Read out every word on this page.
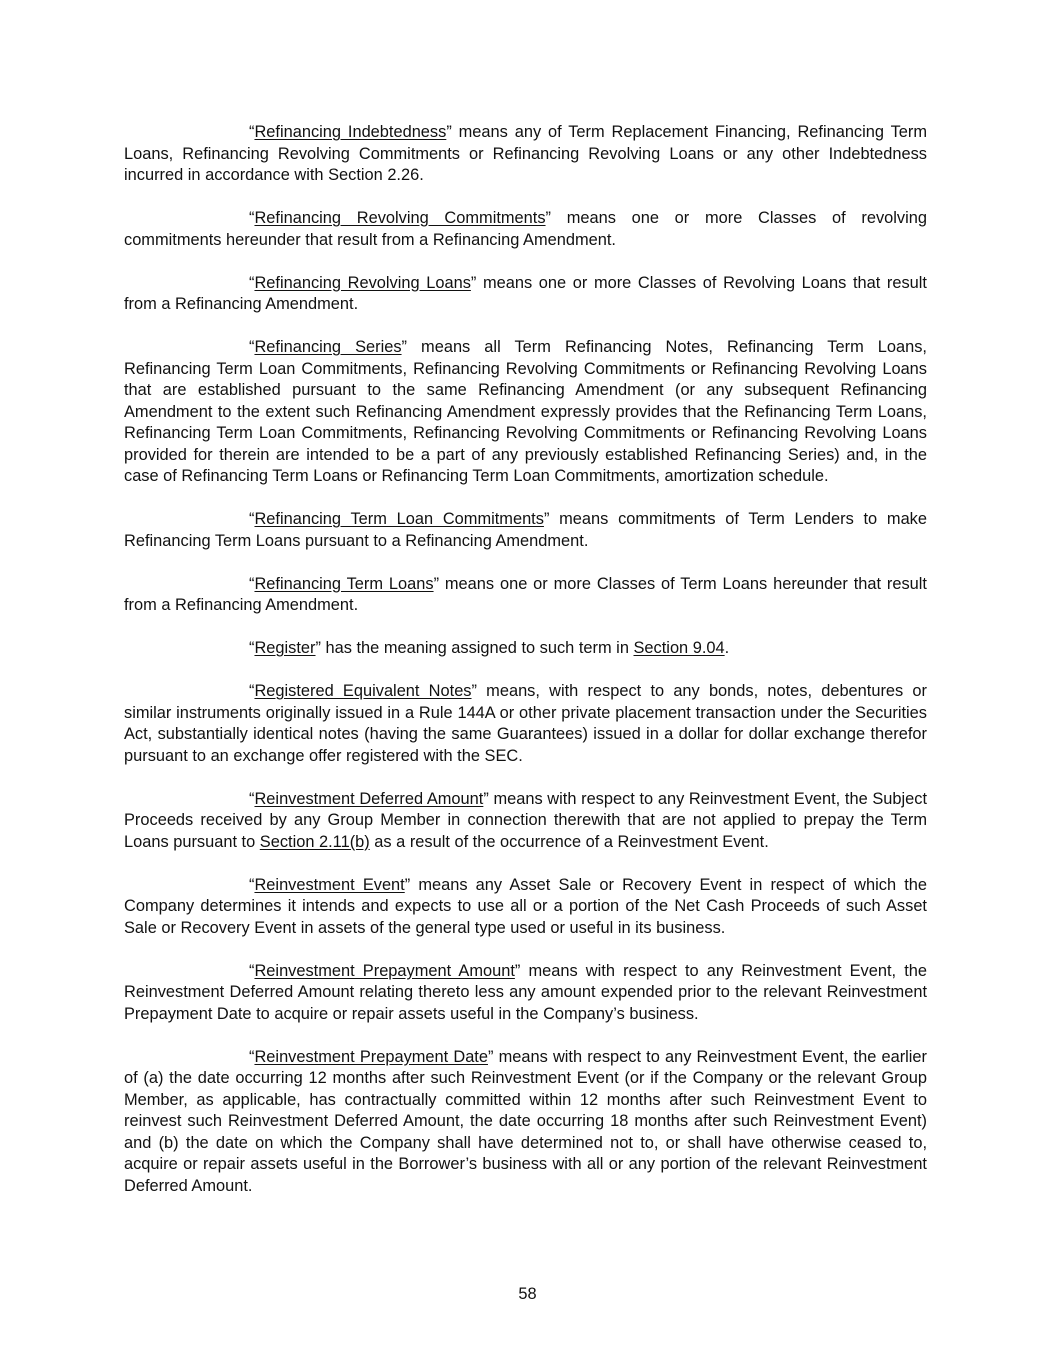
“Refinancing Indebtedness” means any of Term Replacement Financing, Refinancing Term Loans, Refinancing Revolving Commitments or Refinancing Revolving Loans or any other Indebtedness incurred in accordance with Section 2.26.

“Refinancing Revolving Commitments” means one or more Classes of revolving commitments hereunder that result from a Refinancing Amendment.

“Refinancing Revolving Loans” means one or more Classes of Revolving Loans that result from a Refinancing Amendment.

“Refinancing Series” means all Term Refinancing Notes, Refinancing Term Loans, Refinancing Term Loan Commitments, Refinancing Revolving Commitments or Refinancing Revolving Loans that are established pursuant to the same Refinancing Amendment (or any subsequent Refinancing Amendment to the extent such Refinancing Amendment expressly provides that the Refinancing Term Loans, Refinancing Term Loan Commitments, Refinancing Revolving Commitments or Refinancing Revolving Loans provided for therein are intended to be a part of any previously established Refinancing Series) and, in the case of Refinancing Term Loans or Refinancing Term Loan Commitments, amortization schedule.

“Refinancing Term Loan Commitments” means commitments of Term Lenders to make Refinancing Term Loans pursuant to a Refinancing Amendment.

“Refinancing Term Loans” means one or more Classes of Term Loans hereunder that result from a Refinancing Amendment.

“Register” has the meaning assigned to such term in Section 9.04.

“Registered Equivalent Notes” means, with respect to any bonds, notes, debentures or similar instruments originally issued in a Rule 144A or other private placement transaction under the Securities Act, substantially identical notes (having the same Guarantees) issued in a dollar for dollar exchange therefor pursuant to an exchange offer registered with the SEC.

“Reinvestment Deferred Amount” means with respect to any Reinvestment Event, the Subject Proceeds received by any Group Member in connection therewith that are not applied to prepay the Term Loans pursuant to Section 2.11(b) as a result of the occurrence of a Reinvestment Event.

“Reinvestment Event” means any Asset Sale or Recovery Event in respect of which the Company determines it intends and expects to use all or a portion of the Net Cash Proceeds of such Asset Sale or Recovery Event in assets of the general type used or useful in its business.

“Reinvestment Prepayment Amount” means with respect to any Reinvestment Event, the Reinvestment Deferred Amount relating thereto less any amount expended prior to the relevant Reinvestment Prepayment Date to acquire or repair assets useful in the Company’s business.

“Reinvestment Prepayment Date” means with respect to any Reinvestment Event, the earlier of (a) the date occurring 12 months after such Reinvestment Event (or if the Company or the relevant Group Member, as applicable, has contractually committed within 12 months after such Reinvestment Event to reinvest such Reinvestment Deferred Amount, the date occurring 18 months after such Reinvestment Event) and (b) the date on which the Company shall have determined not to, or shall have otherwise ceased to, acquire or repair assets useful in the Borrower’s business with all or any portion of the relevant Reinvestment Deferred Amount.

58
